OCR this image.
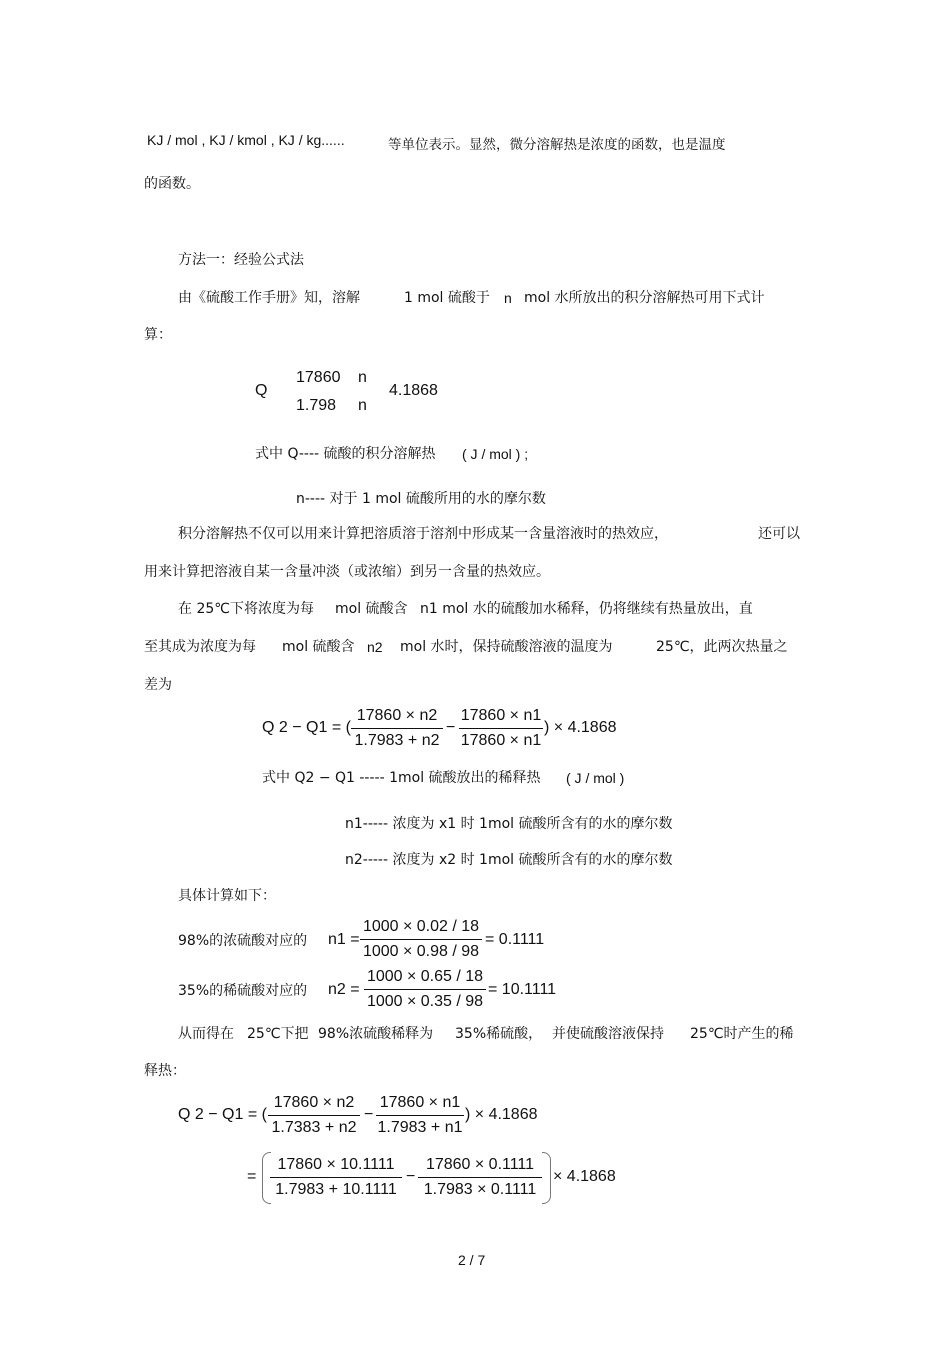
KJ / mol , KJ / kmol , KJ / kg......	等单位表示。显然，微分溶解热是浓度的函数，也是温度
的函数。
方法一：经验公式法
由《硫酸工作手册》知，溶解	1 mol 硫酸于 n mol 水所放出的积分溶解热可用下式计
算：
Q
17860 n
1.798 n
4.1868
式中 Q---- 硫酸的积分溶解热 ( J / mol ) ;
n---- 对于 1 mol 硫酸所用的水的摩尔数
积分溶解热不仅可以用来计算把溶质溶于溶剂中形成某一含量溶液时的热效应，	还可以
用来计算把溶液自某一含量冲淡（或浓缩）到另一含量的热效应。
在 25℃下将浓度为每 mol 硫酸含 n1 mol 水的硫酸加水稀释，仍将继续有热量放出，直
至其成为浓度为每 mol 硫酸含 n2 mol 水时，保持硫酸溶液的温度为	25℃，此两次热量之
差为
Q 2 − Q1 = (
17860 × n2
1.7983 + n2
−
17860 × n1
17860 × n1
) × 4.1868
式中 Q2 − Q1 ----- 1mol 硫酸放出的稀释热 ( J / mol )
n1----- 浓度为 x1 时 1mol 硫酸所含有的水的摩尔数
n2----- 浓度为 x2 时 1mol 硫酸所含有的水的摩尔数
具体计算如下：
98%的浓硫酸对应的 n1 =
1000 × 0.02 / 18
1000 × 0.98 / 98
= 0.1111
35%的稀硫酸对应的 n2 =
1000 × 0.65 / 18
1000 × 0.35 / 98
= 10.1111
从而得在 25℃下把 98%浓硫酸稀释为 35%稀硫酸， 并使硫酸溶液保持 25℃时产生的稀
释热：
Q 2 − Q1 = (
17860 × n2
1.7383 + n2
−
17860 × n1
1.7983 + n1
) × 4.1868
=
17860 × 10.1111
1.7983 + 10.1111
−
17860 × 0.1111
1.7983 × 0.1111
× 4.1868
2 / 7
